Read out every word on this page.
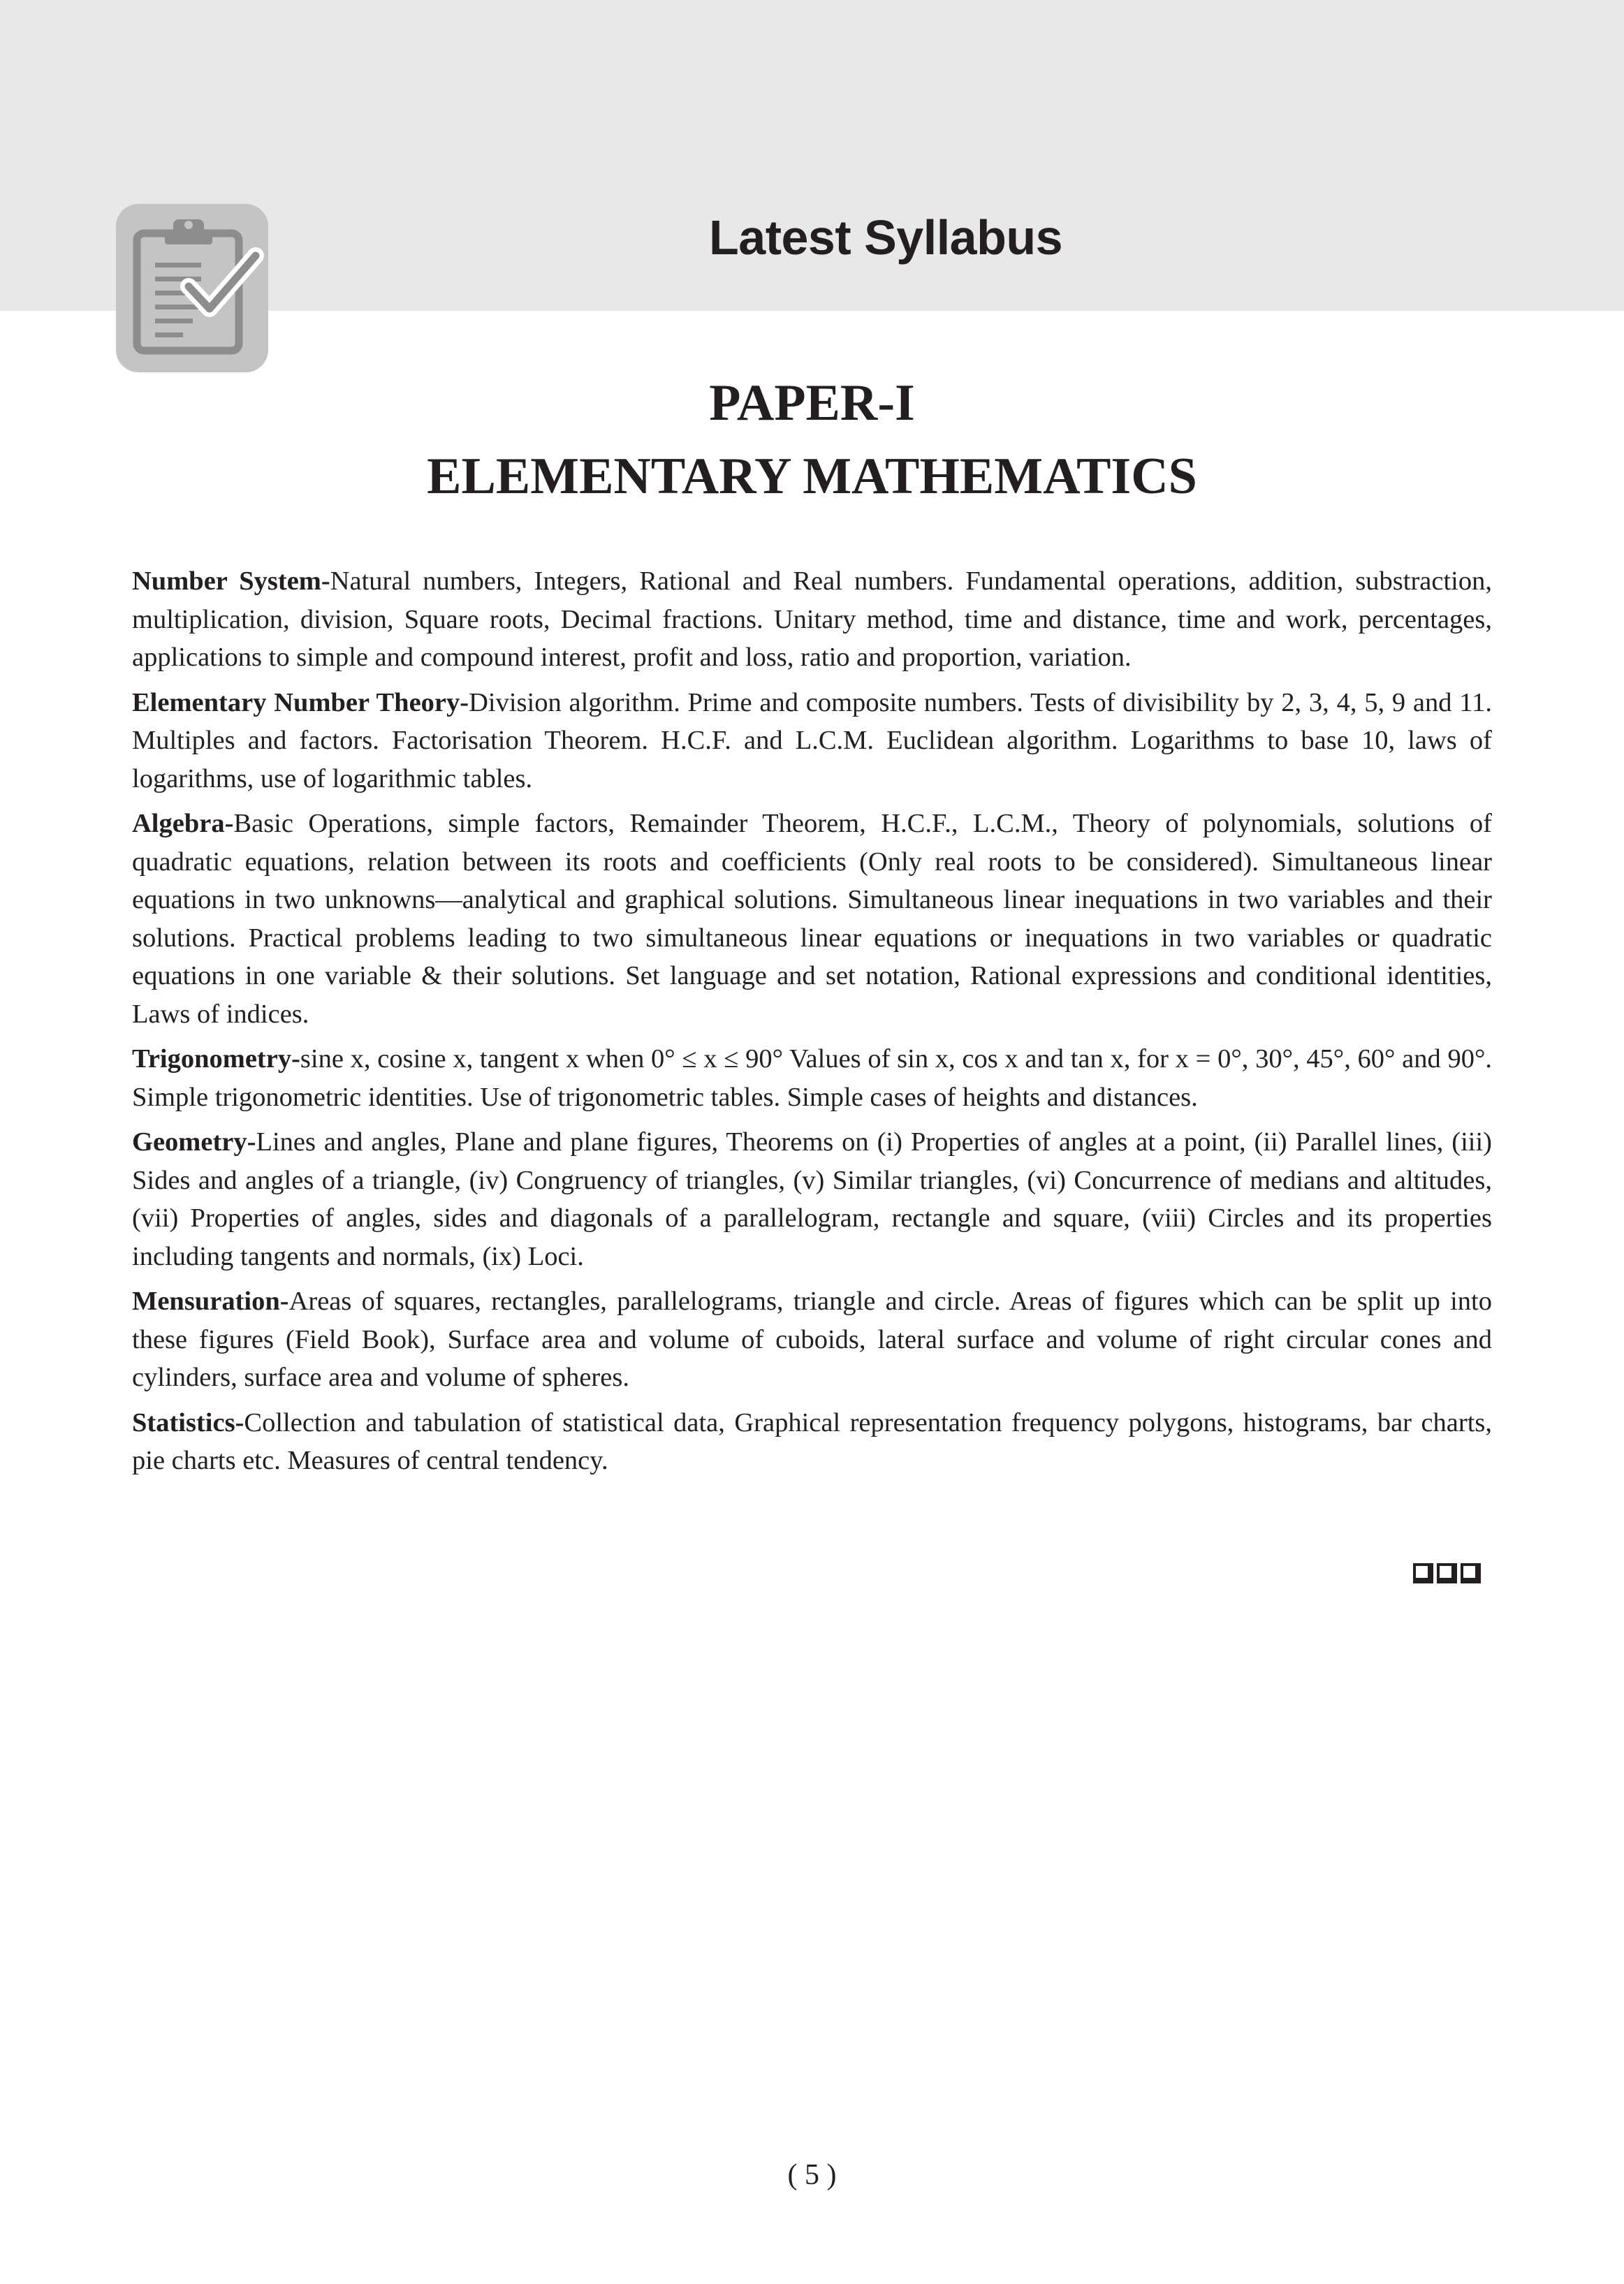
Latest Syllabus
PAPER-I
ELEMENTARY MATHEMATICS

Number System-Natural numbers, Integers, Rational and Real numbers. Fundamental operations, addition, substraction, multiplication, division, Square roots, Decimal fractions. Unitary method, time and distance, time and work, percentages, applications to simple and compound interest, profit and loss, ratio and proportion, variation.

Elementary Number Theory-Division algorithm. Prime and composite numbers. Tests of divisibility by 2, 3, 4, 5, 9 and 11. Multiples and factors. Factorisation Theorem. H.C.F. and L.C.M. Euclidean algorithm. Logarithms to base 10, laws of logarithms, use of logarithmic tables.

Algebra-Basic Operations, simple factors, Remainder Theorem, H.C.F., L.C.M., Theory of polynomials, solutions of quadratic equations, relation between its roots and coefficients (Only real roots to be considered). Simultaneous linear equations in two unknowns—analytical and graphical solutions. Simultaneous linear inequations in two variables and their solutions. Practical problems leading to two simultaneous linear equations or inequations in two variables or quadratic equations in one variable & their solutions. Set language and set notation, Rational expressions and conditional identities, Laws of indices.

Trigonometry-sine x, cosine x, tangent x when 0° ≤ x ≤ 90° Values of sin x, cos x and tan x, for x = 0°, 30°, 45°, 60° and 90°. Simple trigonometric identities. Use of trigonometric tables. Simple cases of heights and distances.

Geometry-Lines and angles, Plane and plane figures, Theorems on (i) Properties of angles at a point, (ii) Parallel lines, (iii) Sides and angles of a triangle, (iv) Congruency of triangles, (v) Similar triangles, (vi) Concurrence of medians and altitudes, (vii) Properties of angles, sides and diagonals of a parallelogram, rectangle and square, (viii) Circles and its properties including tangents and normals, (ix) Loci.

Mensuration-Areas of squares, rectangles, parallelograms, triangle and circle. Areas of figures which can be split up into these figures (Field Book), Surface area and volume of cuboids, lateral surface and volume of right circular cones and cylinders, surface area and volume of spheres.

Statistics-Collection and tabulation of statistical data, Graphical representation frequency polygons, histograms, bar charts, pie charts etc. Measures of central tendency.

( 5 )
